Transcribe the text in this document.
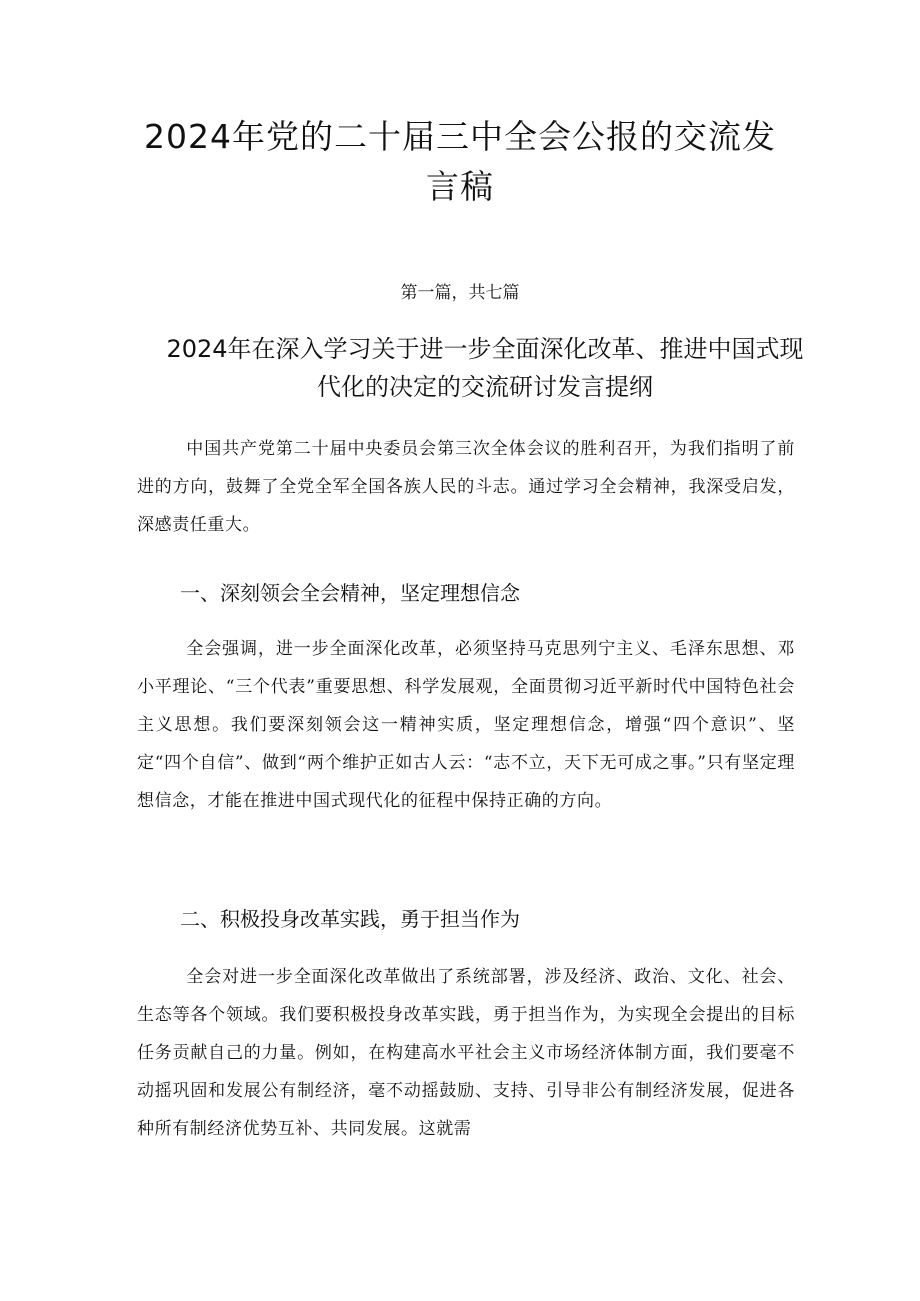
2024年党的二十届三中全会公报的交流发言稿

第一篇，共七篇

2024年在深入学习关于进一步全面深化改革、推进中国式现代化的决定的交流研讨发言提纲

中国共产党第二十届中央委员会第三次全体会议的胜利召开，为我们指明了前进的方向，鼓舞了全党全军全国各族人民的斗志。通过学习全会精神，我深受启发，深感责任重大。

一、深刻领会全会精神，坚定理想信念

全会强调，进一步全面深化改革，必须坚持马克思列宁主义、毛泽东思想、邓小平理论、“三个代表”重要思想、科学发展观，全面贯彻习近平新时代中国特色社会主义思想。我们要深刻领会这一精神实质，坚定理想信念，增强“四个意识”、坚定“四个自信”、做到“两个维护正如古人云：“志不立，天下无可成之事。”只有坚定理想信念，才能在推进中国式现代化的征程中保持正确的方向。

二、积极投身改革实践，勇于担当作为

全会对进一步全面深化改革做出了系统部署，涉及经济、政治、文化、社会、生态等各个领域。我们要积极投身改革实践，勇于担当作为，为实现全会提出的目标任务贡献自己的力量。例如，在构建高水平社会主义市场经济体制方面，我们要毫不动摇巩固和发展公有制经济，毫不动摇鼓励、支持、引导非公有制经济发展，促进各种所有制经济优势互补、共同发展。这就需
